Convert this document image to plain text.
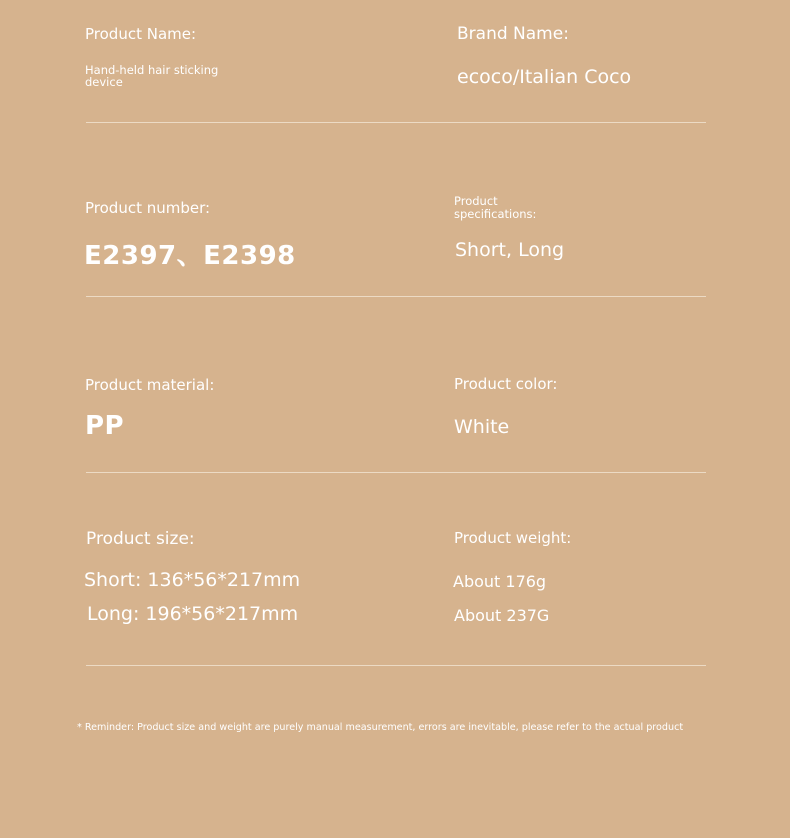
Product Name:
Hand-held hair sticking
device
Brand Name:
ecoco/Italian Coco
Product number:
E2397、E2398
Product
specifications:
Short, Long
Product material:
PP
Product color:
White
Product size:
Short: 136*56*217mm
Long: 196*56*217mm
Product weight:
About 176g
About 237G
* Reminder: Product size and weight are purely manual measurement, errors are inevitable, please refer to the actual product
